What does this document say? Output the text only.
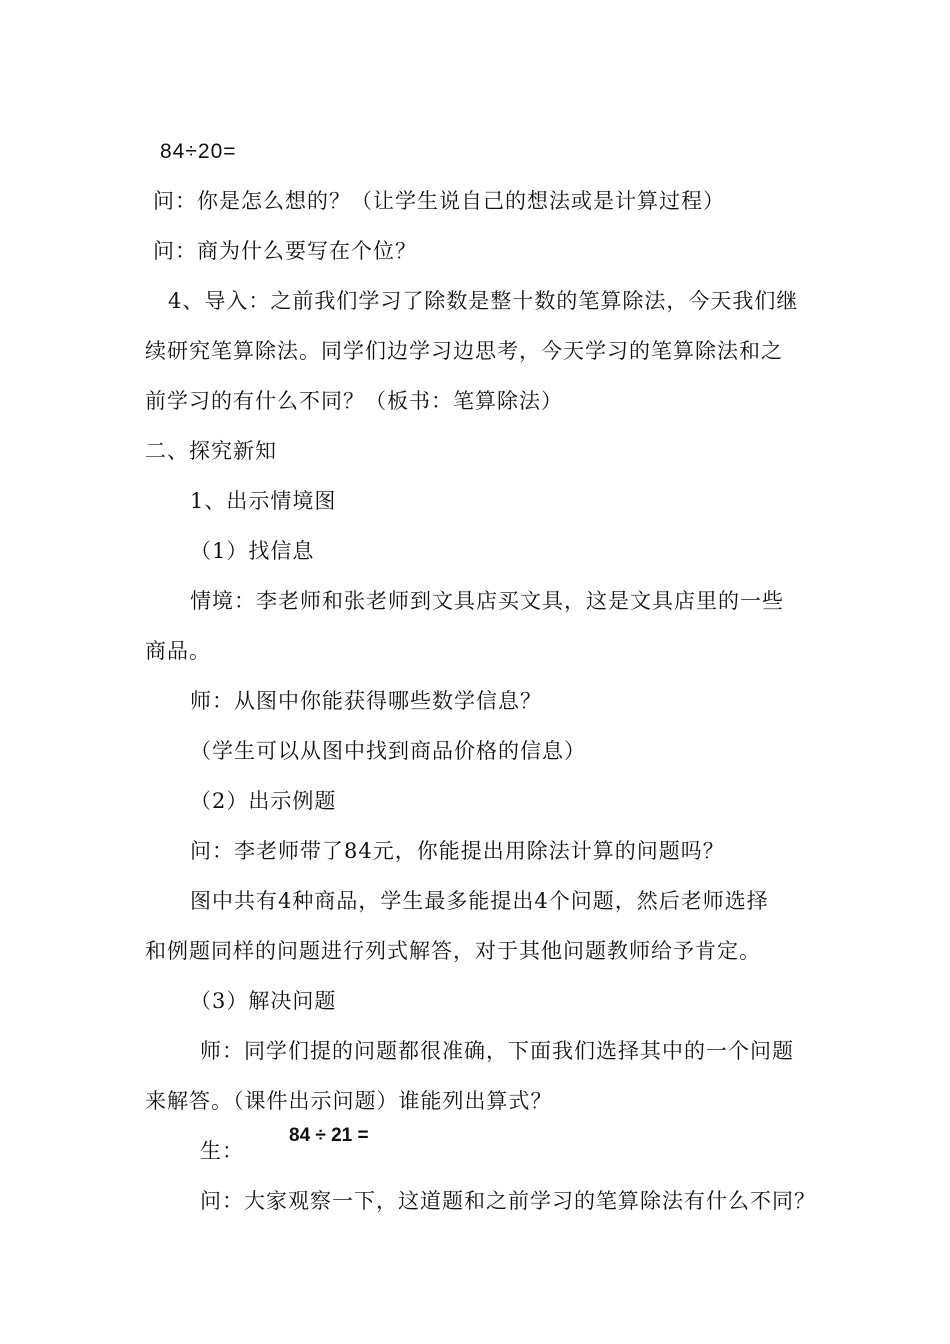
84÷20=
问：你是怎么想的？（让学生说自己的想法或是计算过程）
问：商为什么要写在个位？
4、导入：之前我们学习了除数是整十数的笔算除法，今天我们继
续研究笔算除法。同学们边学习边思考，今天学习的笔算除法和之
前学习的有什么不同？（板书：笔算除法）
二、探究新知
1、出示情境图
（1）找信息
情境：李老师和张老师到文具店买文具，这是文具店里的一些
商品。
师：从图中你能获得哪些数学信息？
（学生可以从图中找到商品价格的信息）
（2）出示例题
问：李老师带了84元，你能提出用除法计算的问题吗？
图中共有4种商品，学生最多能提出4个问题，然后老师选择
和例题同样的问题进行列式解答，对于其他问题教师给予肯定。
（3）解决问题
师：同学们提的问题都很准确，下面我们选择其中的一个问题
来解答。（课件出示问题）谁能列出算式？
生：
84 ÷ 21 =
问：大家观察一下，这道题和之前学习的笔算除法有什么不同？
